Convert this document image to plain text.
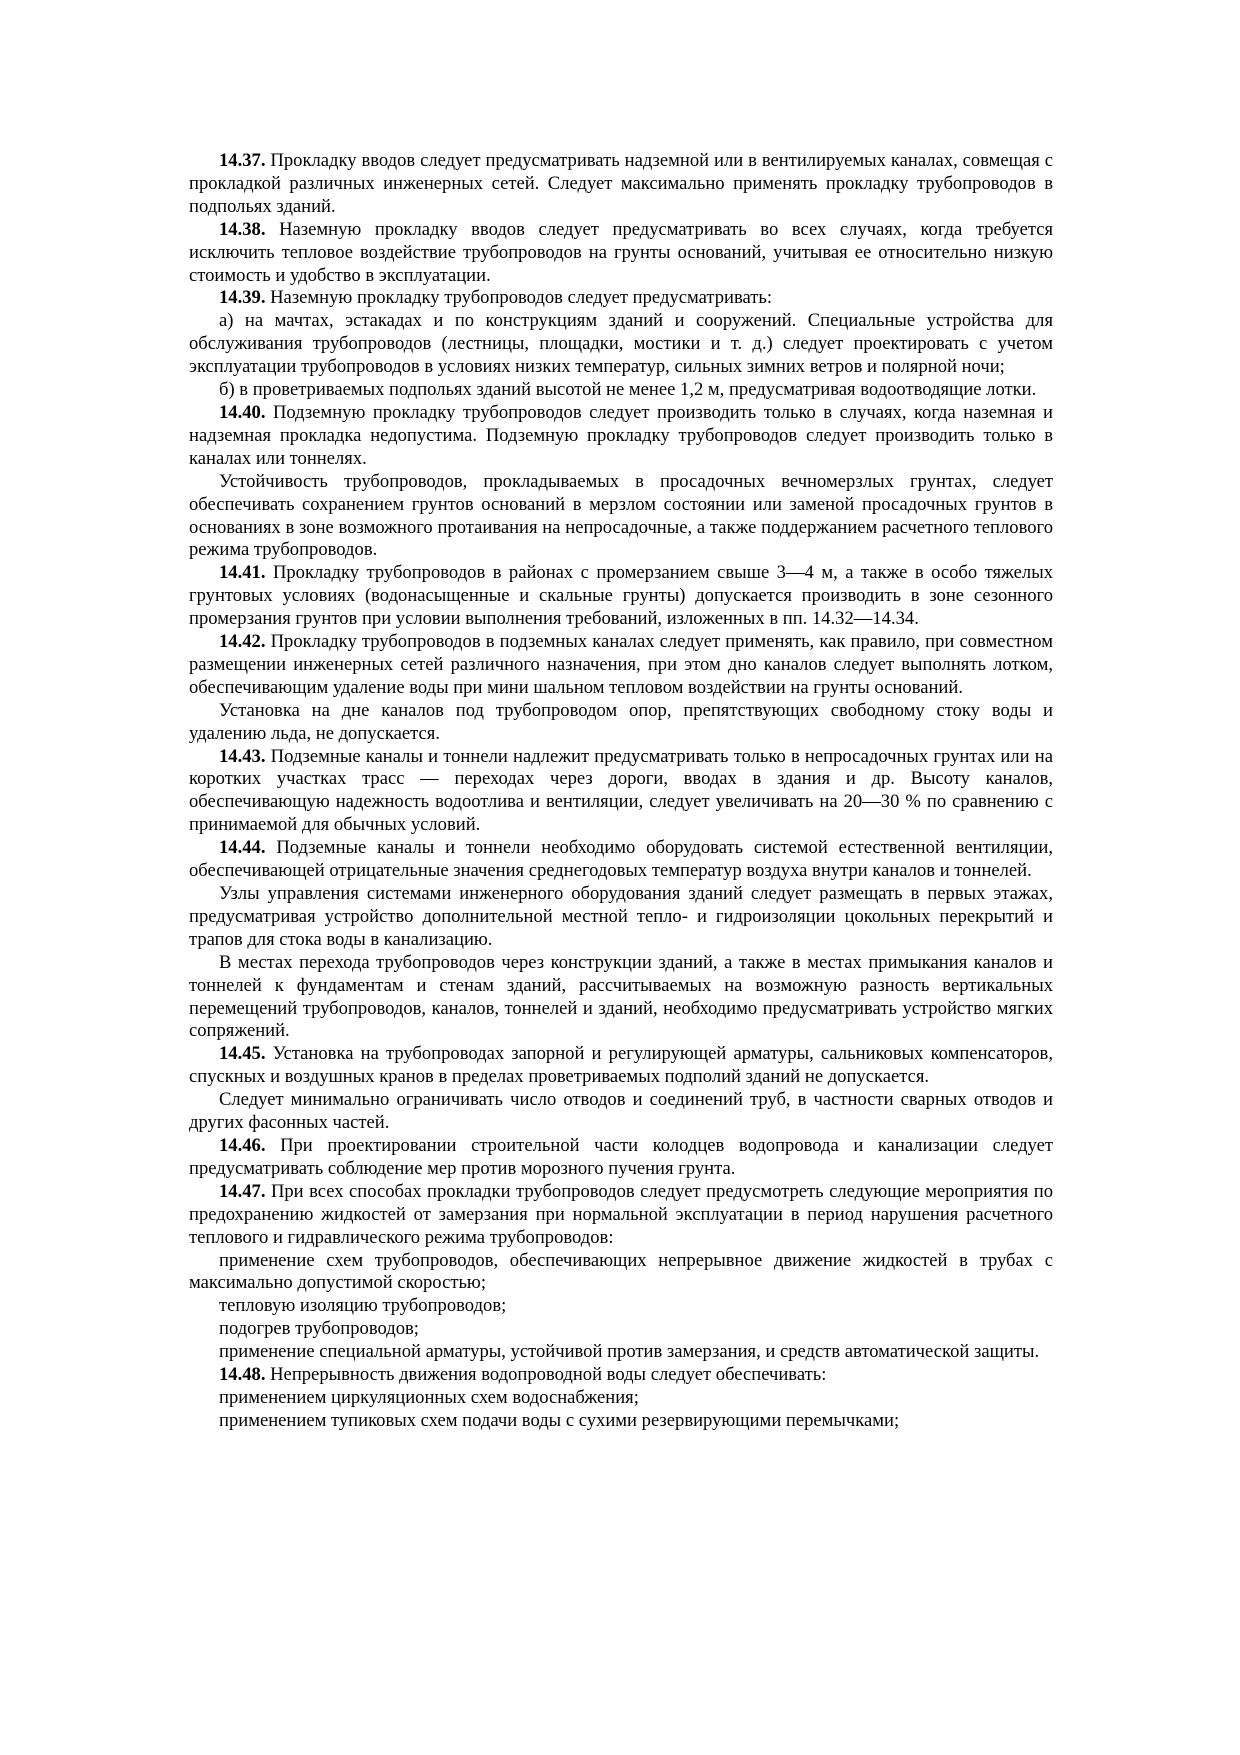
14.37. Прокладку вводов следует предусматривать надземной или в вентилируемых каналах, совмещая с прокладкой различных инженерных сетей. Следует максимально применять прокладку трубопроводов в подпольях зданий.

14.38. Наземную прокладку вводов следует предусматривать во всех случаях, когда требуется исключить тепловое воздействие трубопроводов на грунты оснований, учитывая ее относительно низкую стоимость и удобство в эксплуатации.

14.39. Наземную прокладку трубопроводов следует предусматривать:

а) на мачтах, эстакадах и по конструкциям зданий и сооружений. Специальные устройства для обслуживания трубопроводов (лестницы, площадки, мостики и т. д.) следует проектировать с учетом эксплуатации трубопроводов в условиях низких температур, сильных зимних ветров и полярной ночи;

б) в проветриваемых подпольях зданий высотой не менее 1,2 м, предусматривая водоотводящие лотки.

14.40. Подземную прокладку трубопроводов следует производить только в случаях, когда наземная и надземная прокладка недопустима. Подземную прокладку трубопроводов следует производить только в каналах или тоннелях.

Устойчивость трубопроводов, прокладываемых в просадочных вечномерзлых грунтах, следует обеспечивать сохранением грунтов оснований в мерзлом состоянии или заменой просадочных грунтов в основаниях в зоне возможного протаивания на непросадочные, а также поддержанием расчетного теплового режима трубопроводов.

14.41. Прокладку трубопроводов в районах с промерзанием свыше 3—4 м, а также в особо тяжелых грунтовых условиях (водонасыщенные и скальные грунты) допускается производить в зоне сезонного промерзания грунтов при условии выполнения требований, изложенных в пп. 14.32—14.34.

14.42. Прокладку трубопроводов в подземных каналах следует применять, как правило, при совместном размещении инженерных сетей различного назначения, при этом дно каналов следует выполнять лотком, обеспечивающим удаление воды при мини шальном тепловом воздействии на грунты оснований.

Установка на дне каналов под трубопроводом опор, препятствующих свободному стоку воды и удалению льда, не допускается.

14.43. Подземные каналы и тоннели надлежит предусматривать только в непросадочных грунтах или на коротких участках трасс — переходах через дороги, вводах в здания и др. Высоту каналов, обеспечивающую надежность водоотлива и вентиляции, следует увеличивать на 20—30 % по сравнению с принимаемой для обычных условий.

14.44. Подземные каналы и тоннели необходимо оборудовать системой естественной вентиляции, обеспечивающей отрицательные значения среднегодовых температур воздуха внутри каналов и тоннелей.

Узлы управления системами инженерного оборудования зданий следует размещать в первых этажах, предусматривая устройство дополнительной местной тепло- и гидроизоляции цокольных перекрытий и трапов для стока воды в канализацию.

В местах перехода трубопроводов через конструкции зданий, а также в местах примыкания каналов и тоннелей к фундаментам и стенам зданий, рассчитываемых на возможную разность вертикальных перемещений трубопроводов, каналов, тоннелей и зданий, необходимо предусматривать устройство мягких сопряжений.

14.45. Установка на трубопроводах запорной и регулирующей арматуры, сальниковых компенсаторов, спускных и воздушных кранов в пределах проветриваемых подполий зданий не допускается.

Следует минимально ограничивать число отводов и соединений труб, в частности сварных отводов и других фасонных частей.

14.46. При проектировании строительной части колодцев водопровода и канализации следует предусматривать соблюдение мер против морозного пучения грунта.

14.47. При всех способах прокладки трубопроводов следует предусмотреть следующие мероприятия по предохранению жидкостей от замерзания при нормальной эксплуатации в период нарушения расчетного теплового и гидравлического режима трубопроводов:

применение схем трубопроводов, обеспечивающих непрерывное движение жидкостей в трубах с максимально допустимой скоростью;

тепловую изоляцию трубопроводов;

подогрев трубопроводов;

применение специальной арматуры, устойчивой против замерзания, и средств автоматической защиты.

14.48. Непрерывность движения водопроводной воды следует обеспечивать:

применением циркуляционных схем водоснабжения;

применением тупиковых схем подачи воды с сухими резервирующими перемычками;
